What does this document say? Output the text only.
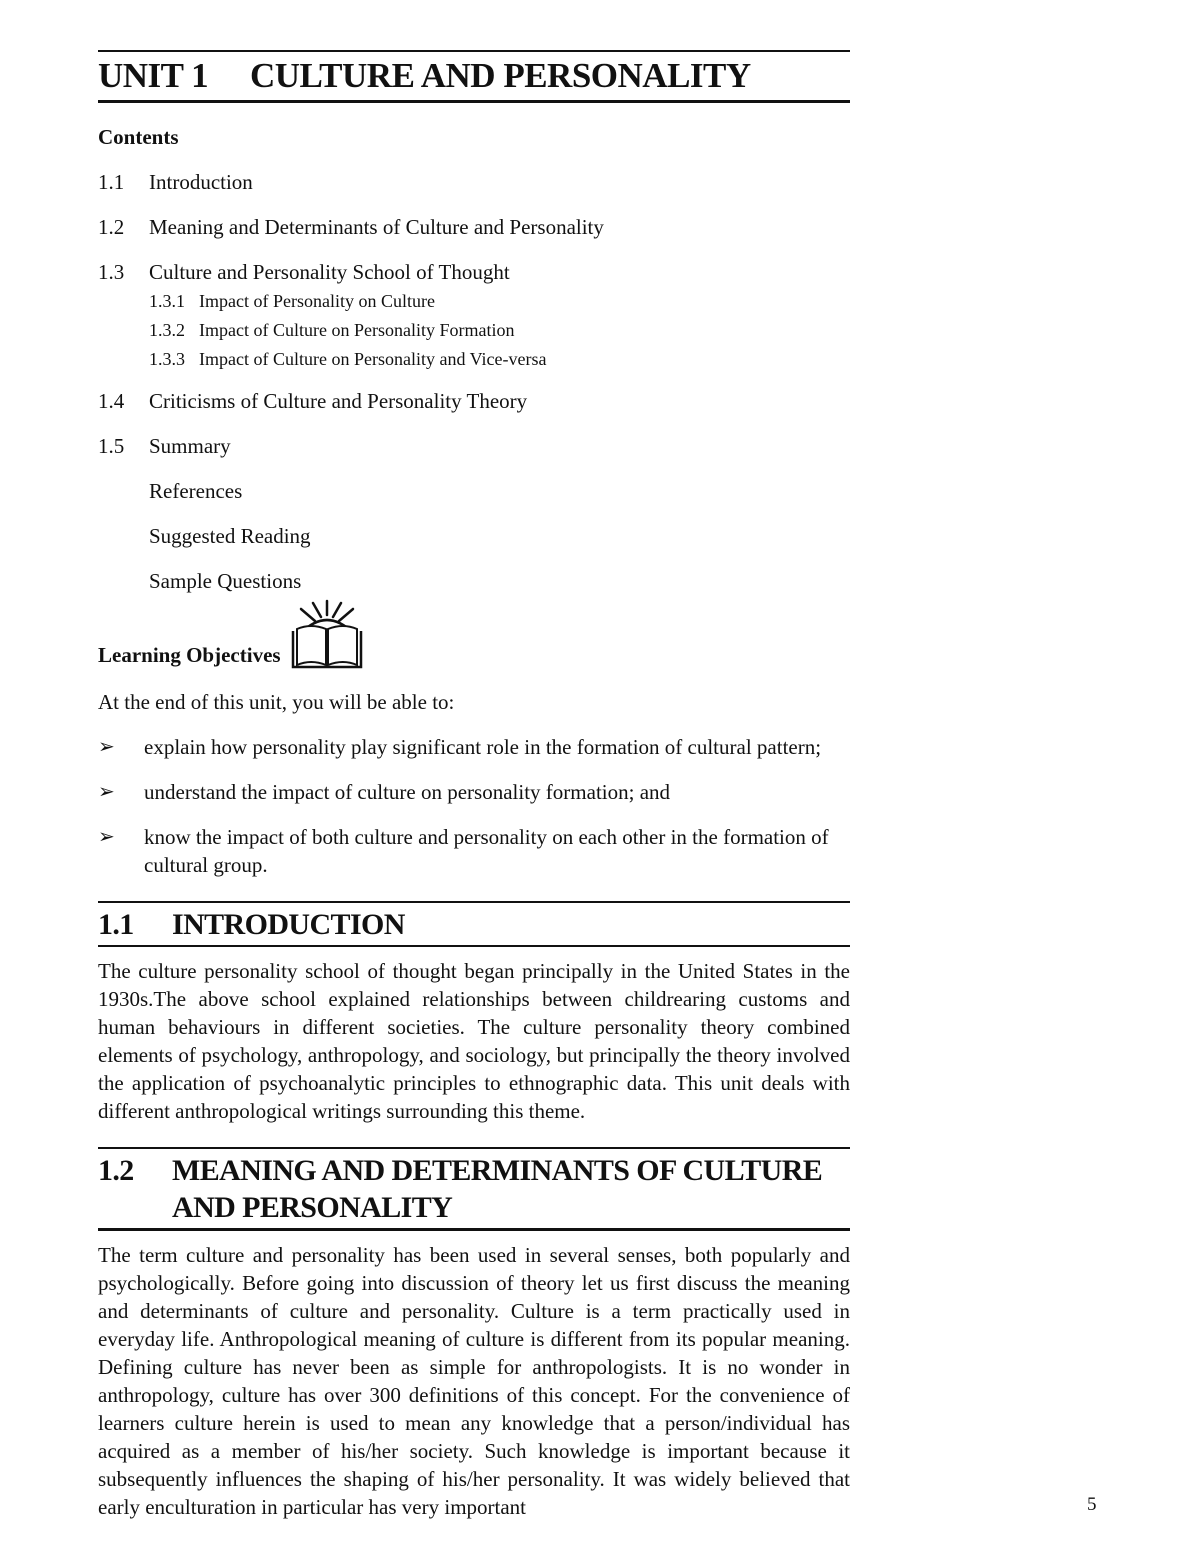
UNIT 1	CULTURE AND PERSONALITY
Contents
1.1	Introduction
1.2	Meaning and Determinants of Culture and Personality
1.3	Culture and Personality School of Thought
1.3.1 Impact of Personality on Culture
1.3.2 Impact of Culture on Personality Formation
1.3.3 Impact of Culture on Personality and Vice-versa
1.4	Criticisms of Culture and Personality Theory
1.5	Summary
References
Suggested Reading
Sample Questions
Learning Objectives
At the end of this unit, you will be able to:
➢	explain how personality play significant role in the formation of cultural pattern;
➢	understand the impact of culture on personality formation; and
➢	know the impact of both culture and personality on each other in the formation of cultural group.
1.1	INTRODUCTION
The culture personality school of thought began principally in the United States in the 1930s.The above school explained relationships between childrearing customs and human behaviours in different societies. The culture personality theory combined elements of psychology, anthropology, and sociology, but principally the theory involved the application of psychoanalytic principles to ethnographic data. This unit deals with different anthropological writings surrounding this theme.
1.2	MEANING AND DETERMINANTS OF CULTURE AND PERSONALITY
The term culture and personality has been used in several senses, both popularly and psychologically. Before going into discussion of theory let us first discuss the meaning and determinants of culture and personality. Culture is a term practically used in everyday life. Anthropological meaning of culture is different from its popular meaning. Defining culture has never been as simple for anthropologists. It is no wonder in anthropology, culture has over 300 definitions of this concept. For the convenience of learners culture herein is used to mean any knowledge that a person/individual has acquired as a member of his/her society. Such knowledge is important because it subsequently influences the shaping of his/her personality. It was widely believed that early enculturation in particular has very important	5
